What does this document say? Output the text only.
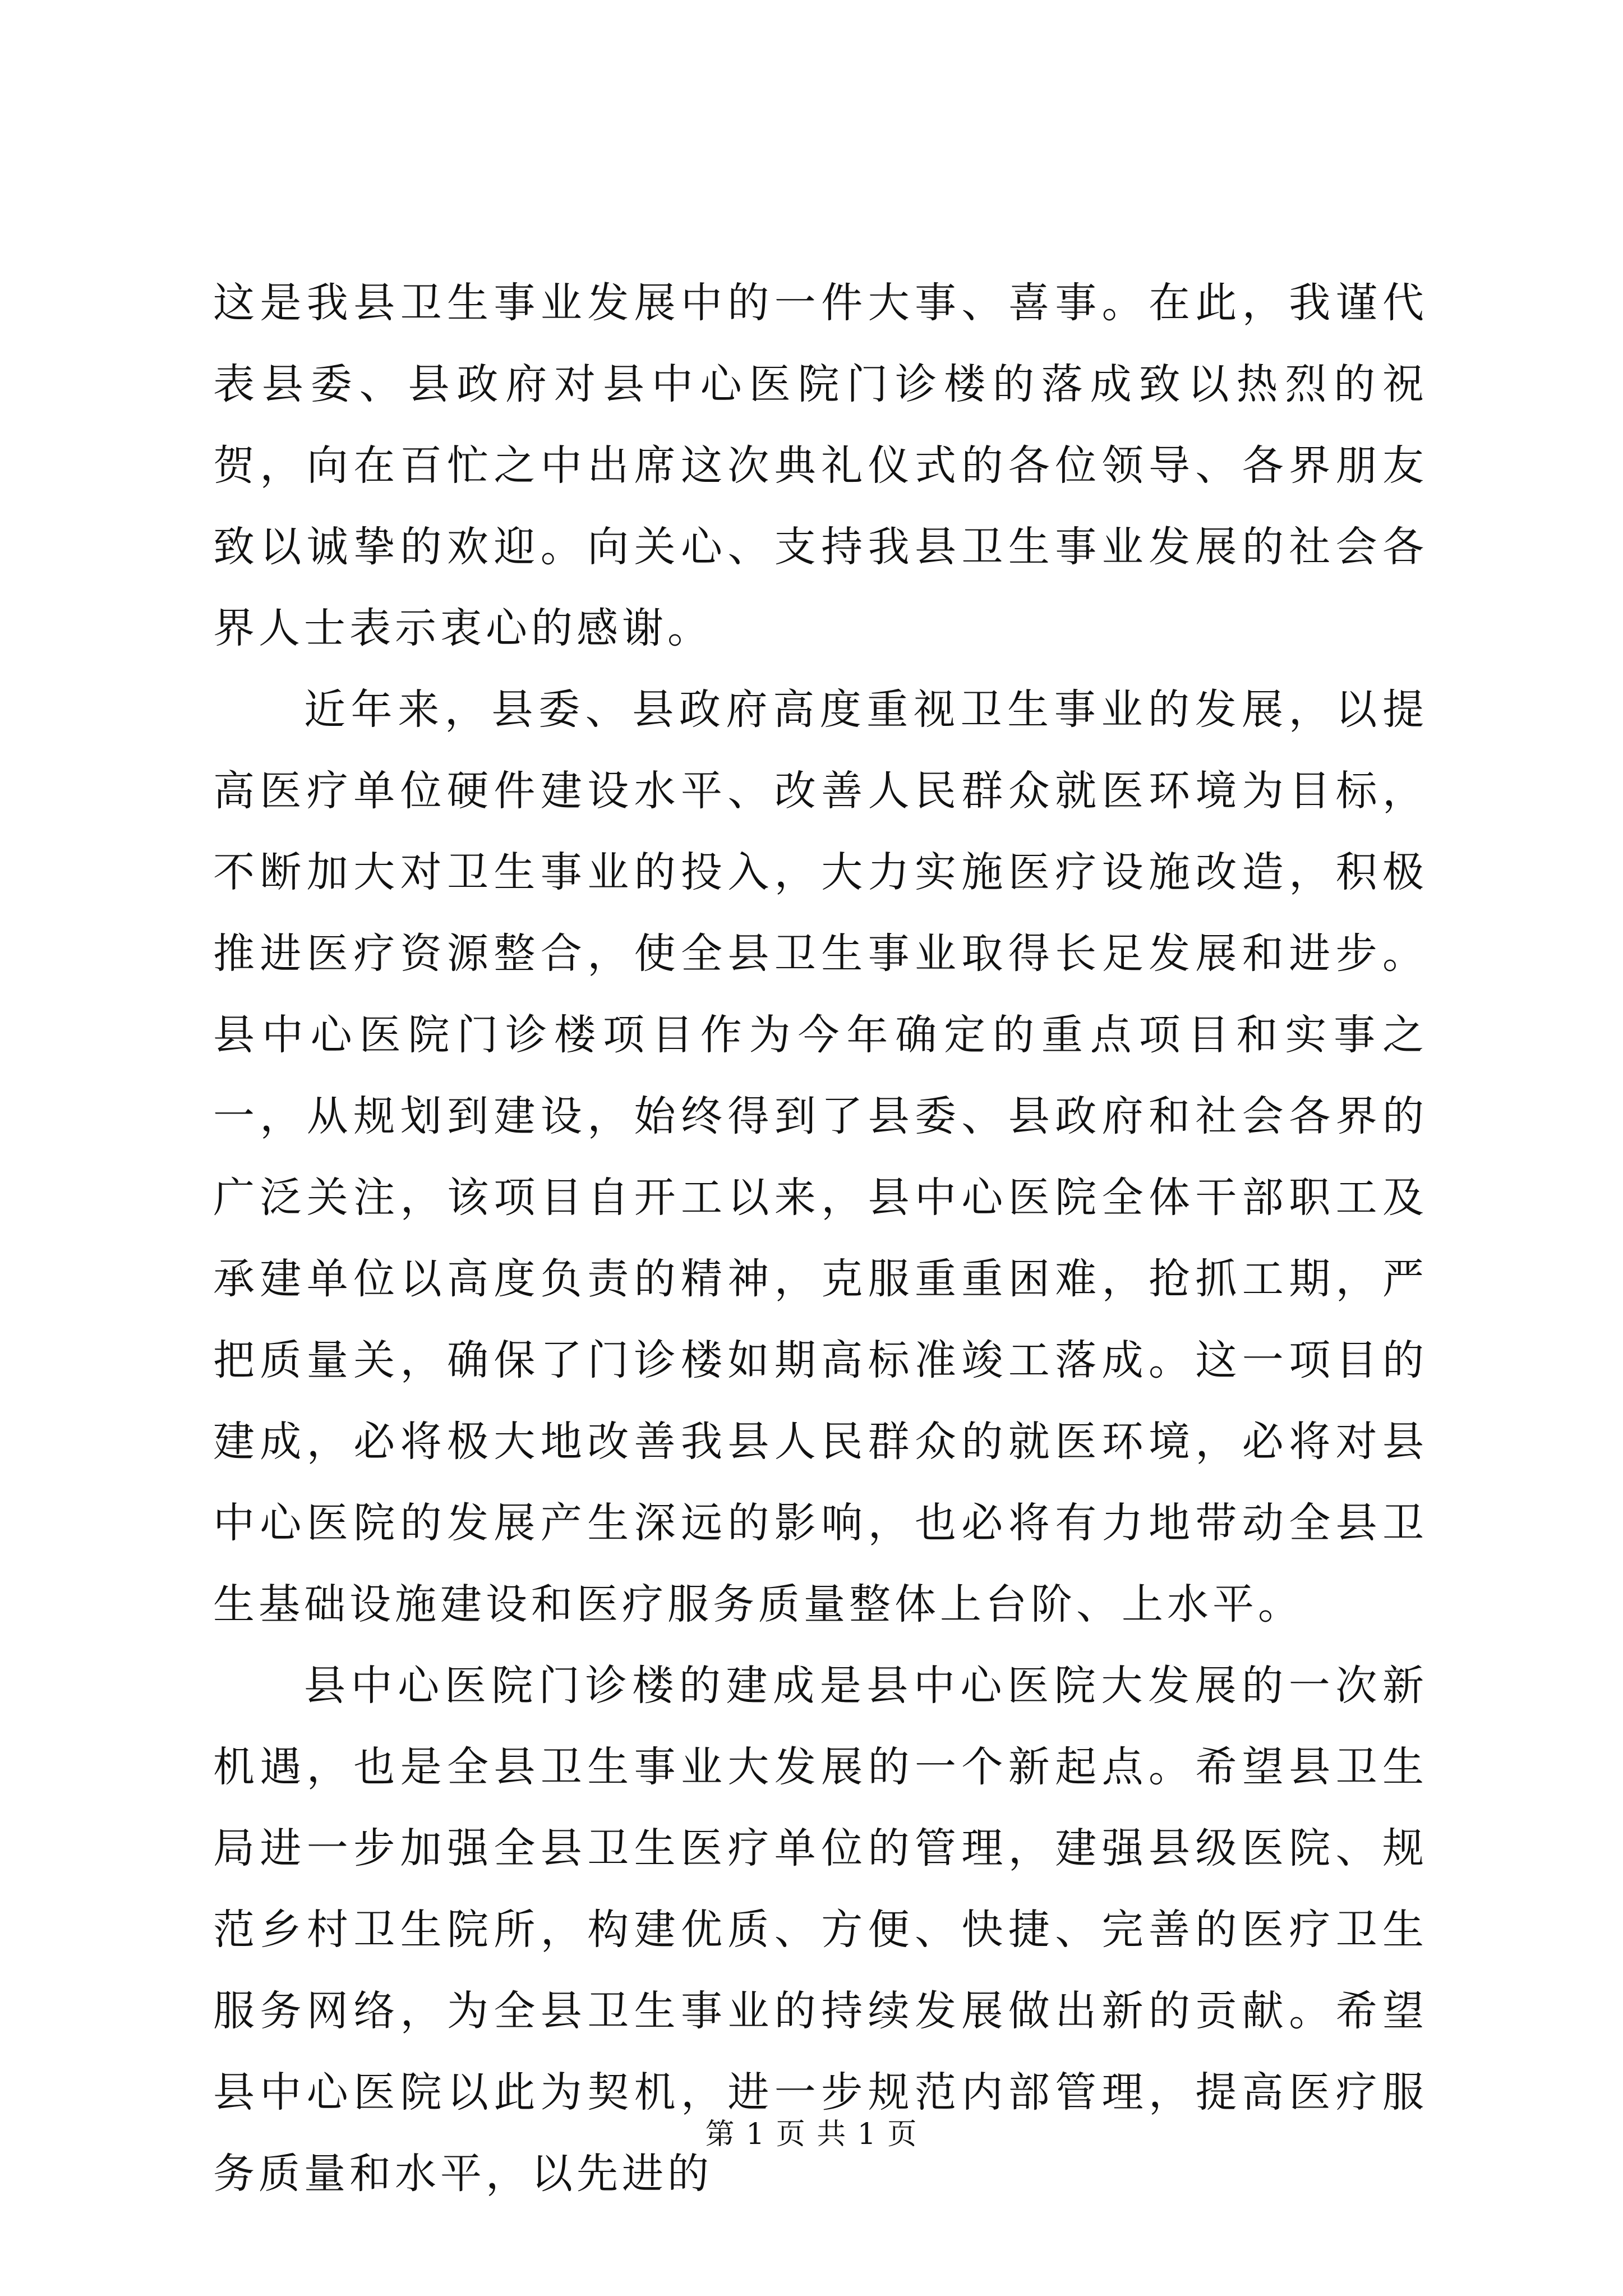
这是我县卫生事业发展中的一件大事、喜事。在此，我谨代表县委、县政府对县中心医院门诊楼的落成致以热烈的祝贺，向在百忙之中出席这次典礼仪式的各位领导、各界朋友致以诚挚的欢迎。向关心、支持我县卫生事业发展的社会各界人士表示衷心的感谢。

近年来，县委、县政府高度重视卫生事业的发展，以提高医疗单位硬件建设水平、改善人民群众就医环境为目标，不断加大对卫生事业的投入，大力实施医疗设施改造，积极推进医疗资源整合，使全县卫生事业取得长足发展和进步。县中心医院门诊楼项目作为今年确定的重点项目和实事之一，从规划到建设，始终得到了县委、县政府和社会各界的广泛关注，该项目自开工以来，县中心医院全体干部职工及承建单位以高度负责的精神，克服重重困难，抢抓工期，严把质量关，确保了门诊楼如期高标准竣工落成。这一项目的建成，必将极大地改善我县人民群众的就医环境，必将对县中心医院的发展产生深远的影响，也必将有力地带动全县卫生基础设施建设和医疗服务质量整体上台阶、上水平。

县中心医院门诊楼的建成是县中心医院大发展的一次新机遇，也是全县卫生事业大发展的一个新起点。希望县卫生局进一步加强全县卫生医疗单位的管理，建强县级医院、规范乡村卫生院所，构建优质、方便、快捷、完善的医疗卫生服务网络，为全县卫生事业的持续发展做出新的贡献。希望县中心医院以此为契机，进一步规范内部管理，提高医疗服务质量和水平，以先进的

第 1 页 共 1 页
